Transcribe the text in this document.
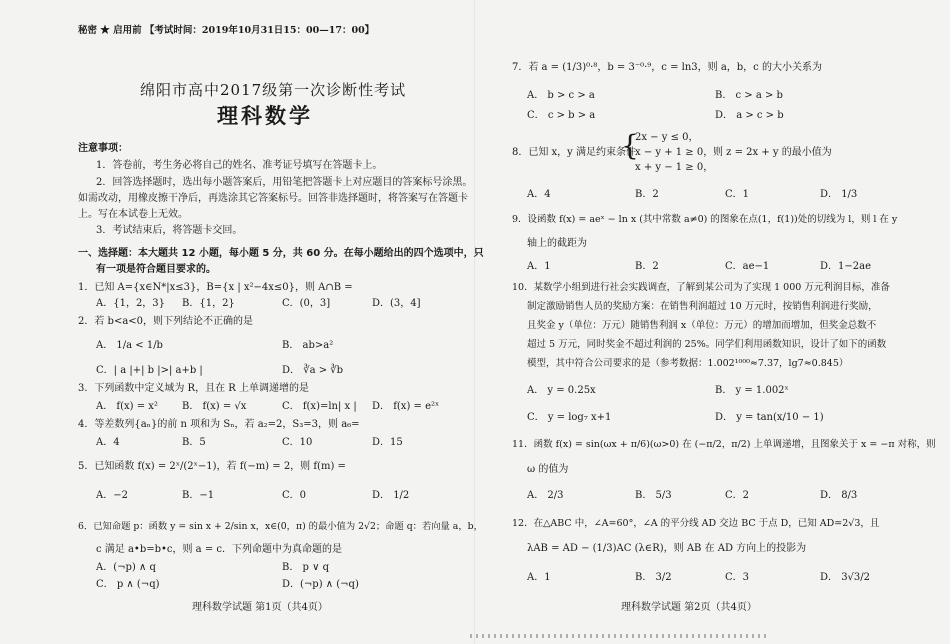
秘密 ★ 启用前 【考试时间：2019年10月31日15：00—17：00】
绵阳市高中2017级第一次诊断性考试
理科数学
注意事项：
1．答卷前，考生务必将自己的姓名、准考证号填写在答题卡上。
2．回答选择题时，选出每小题答案后，用铅笔把答题卡上对应题目的答案标号涂黑。
如需改动，用橡皮擦干净后，再选涂其它答案标号。回答非选择题时，将答案写在答题卡
上。写在本试卷上无效。
3．考试结束后，将答题卡交回。
一、选择题：本大题共 12 小题，每小题 5 分，共 60 分。在每小题给出的四个选项中，只
有一项是符合题目要求的。
1．已知 A={x∈N*|x≤3}，B={x | x²−4x≤0}，则 A∩B =
A．{1，2，3} B．{1，2}	C．(0，3]	D．(3，4]
2．若 b<a<0，则下列结论不正确的是
A． 1/a < 1/b	B． ab>a²
C．| a |+| b |>| a+b |	D． ∛a > ∛b
3．下列函数中定义域为 R，且在 R 上单调递增的是
A． f(x) = x² B． f(x) = √x	C． f(x)=ln| x | D． f(x) = e²ˣ
4．等差数列{aₙ}的前 n 项和为 Sₙ，若 a₂=2，S₃=3，则 a₆=
A．4	B．5	C．10	D．15
5．已知函数 f(x) = 2ˣ/(2ˣ−1)，若 f(−m) = 2，则 f(m) =
A．−2	B．−1	C．0	D． 1/2
6．已知命题 p：函数 y = sin x + 2/sin x，x∈(0，π) 的最小值为 2√2；命题 q：若向量 a，b，
c 满足 a•b=b•c，则 a = c．下列命题中为真命题的是
A．(¬p) ∧ q	B． p ∨ q
C． p ∧ (¬q)	D．(¬p) ∧ (¬q)
理科数学试题 第1页（共4页）
7．若 a = (1/3)⁰·⁸，b = 3⁻⁰·⁹，c = ln3，则 a，b，c 的大小关系为
A． b > c > a	B． c > a > b
C． c > b > a	D． a > c > b
8．已知 x，y 满足约束条件
{
2x − y ≤ 0，
x − y + 1 ≥ 0，
x + y − 1 ≥ 0，
则 z = 2x + y 的最小值为
A．4	B．2	C．1	D． 1/3
9．设函数 f(x) = aeˣ − ln x (其中常数 a≠0) 的图象在点(1，f(1))处的切线为 l，则 l 在 y
轴上的截距为
A．1	B．2	C．ae−1	D．1−2ae
10．某数学小组到进行社会实践调查，了解到某公司为了实现 1 000 万元利润目标，准备
制定激励销售人员的奖励方案：在销售利润超过 10 万元时，按销售利润进行奖励，
且奖金 y（单位：万元）随销售利润 x（单位：万元）的增加而增加，但奖金总数不
超过 5 万元，同时奖金不超过利润的 25%。同学们利用函数知识，设计了如下的函数
模型，其中符合公司要求的是（参考数据：1.002¹⁰⁰⁰≈7.37，lg7≈0.845）
A． y = 0.25x	B． y = 1.002ˣ
C． y = log₇ x+1	D． y = tan(x/10 − 1)
11．函数 f(x) = sin(ωx + π/6)(ω>0) 在 (−π/2，π/2) 上单调递增，且图象关于 x = −π 对称，则
ω 的值为
A． 2/3	B． 5/3	C．2	D． 8/3
12．在△ABC 中，∠A=60°，∠A 的平分线 AD 交边 BC 于点 D，已知 AD=2√3，且
λAB = AD − (1/3)AC (λ∈R)，则 AB 在 AD 方向上的投影为
A．1	B． 3/2	C．3	D． 3√3/2
理科数学试题 第2页（共4页）
